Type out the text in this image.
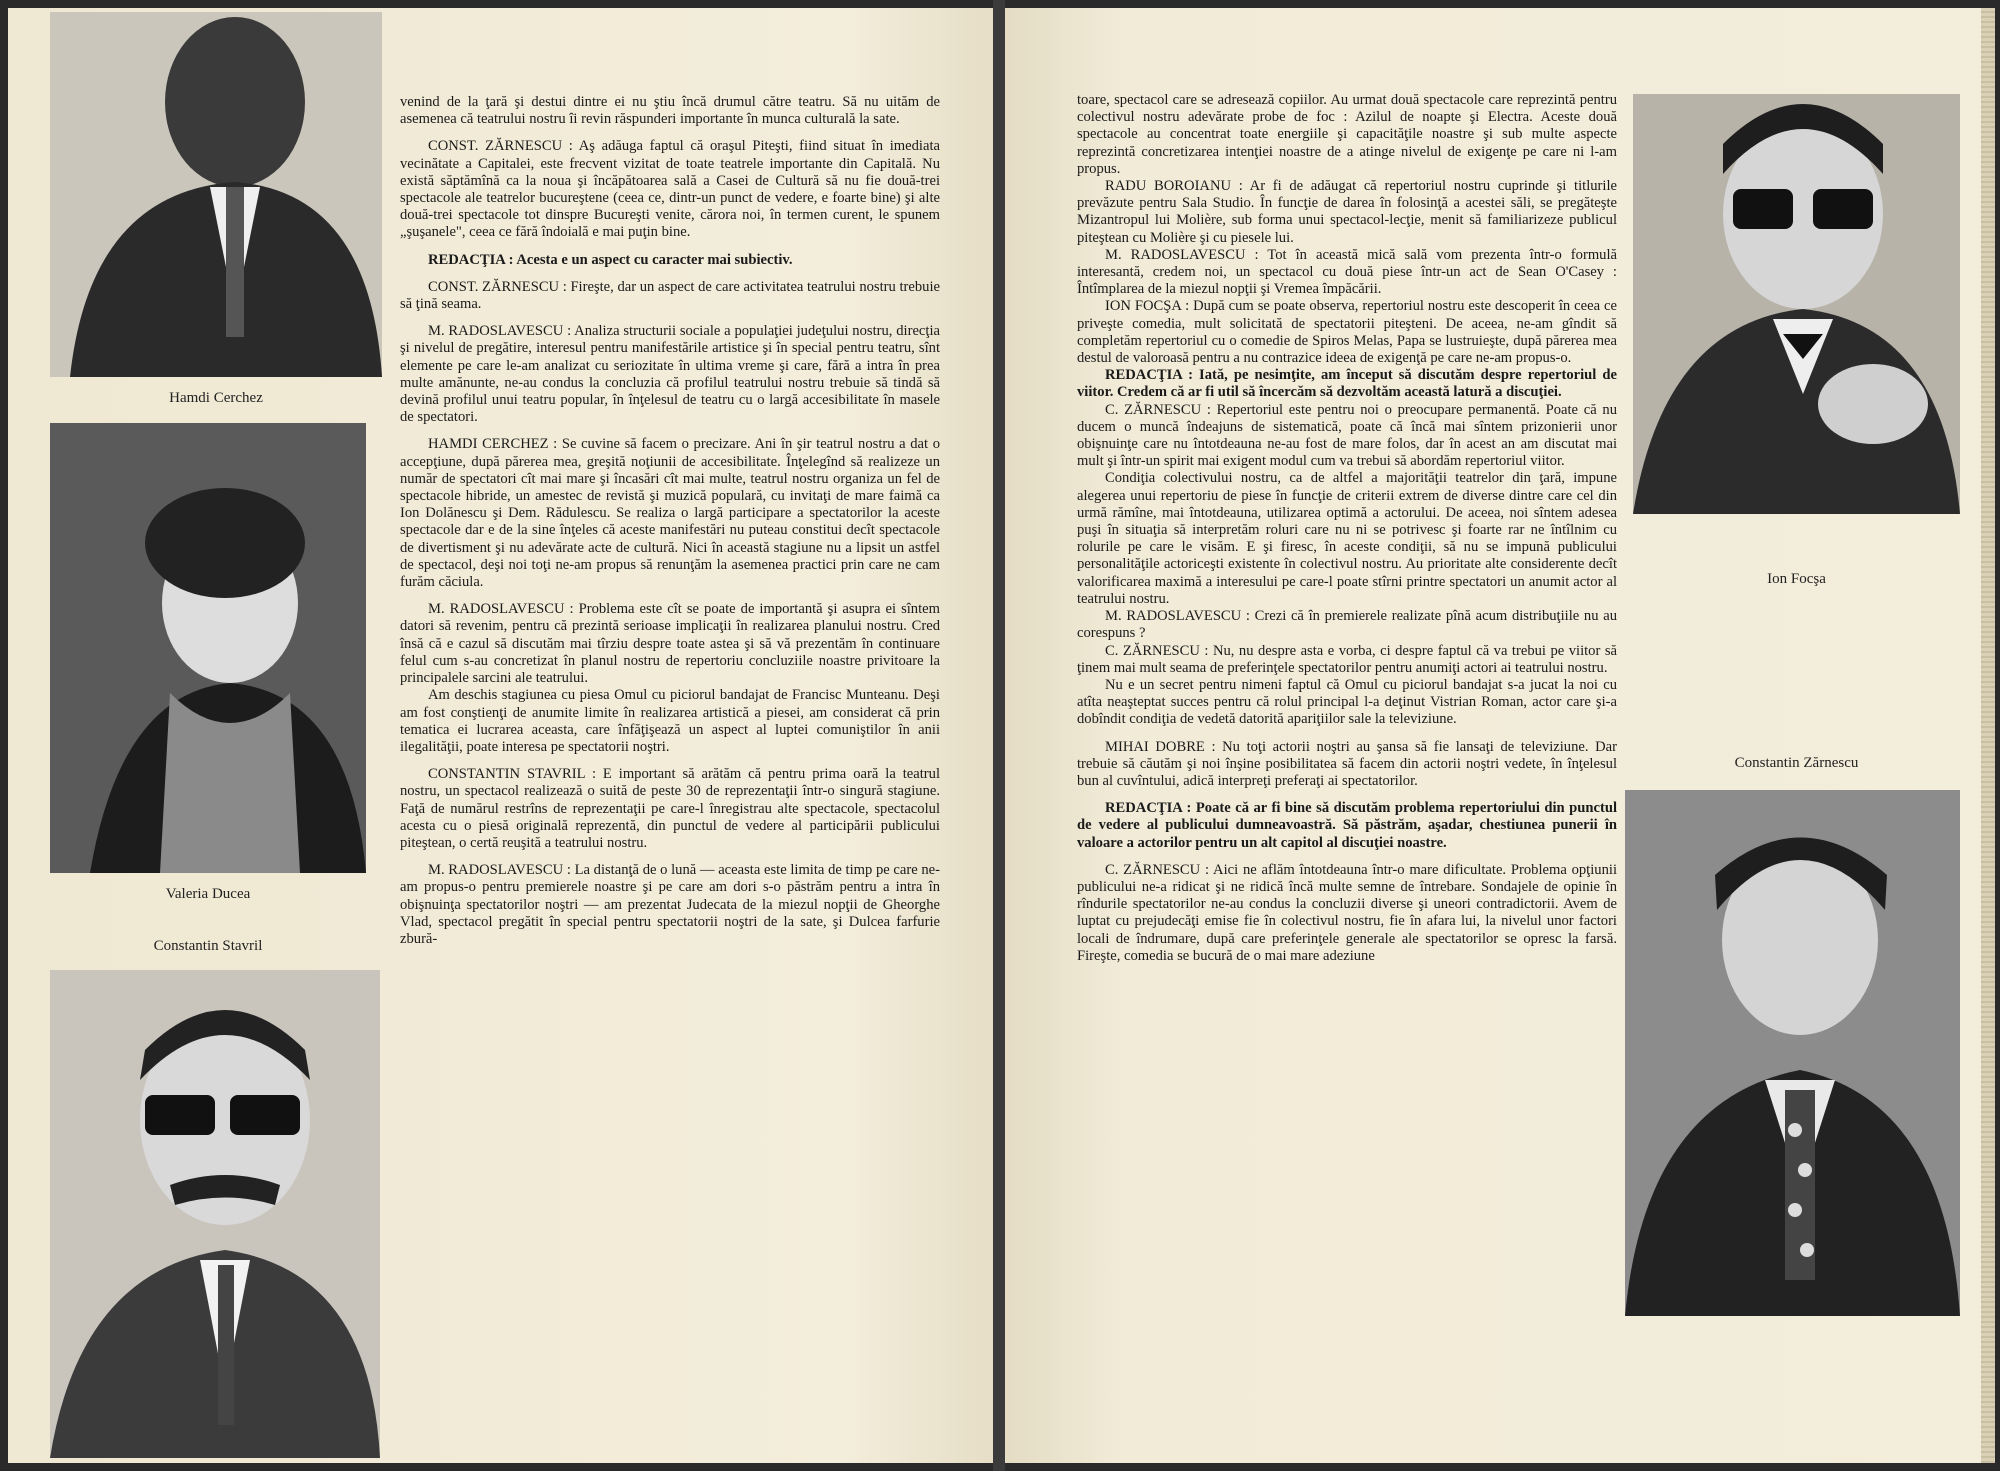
Hamdi Cerchez
Valeria Ducea
Constantin Stavril

venind de la ţară şi destui dintre ei nu ştiu încă drumul către teatru. Să nu uităm de asemenea că teatrului nostru îi revin răspunderi importante în munca culturală la sate.

CONST. ZĂRNESCU : Aş adăuga faptul că oraşul Piteşti, fiind situat în imediata vecinătate a Capitalei, este frecvent vizitat de toate teatrele importante din Capitală. Nu există săptămînă ca la noua şi încăpătoarea sală a Casei de Cultură să nu fie două-trei spectacole ale teatrelor bucureştene (ceea ce, dintr-un punct de vedere, e foarte bine) şi alte două-trei spectacole tot dinspre Bucureşti venite, cărora noi, în termen curent, le spunem „şuşanele", ceea ce fără îndoială e mai puţin bine.

REDACŢIA : Acesta e un aspect cu caracter mai subiectiv.

CONST. ZĂRNESCU : Fireşte, dar un aspect de care activitatea teatrului nostru trebuie să ţină seama.

M. RADOSLAVESCU : Analiza structurii sociale a populaţiei judeţului nostru, direcţia şi nivelul de pregătire, interesul pentru manifestările artistice şi în special pentru teatru, sînt elemente pe care le-am analizat cu seriozitate în ultima vreme şi care, fără a intra în prea multe amănunte, ne-au condus la concluzia că profilul teatrului nostru trebuie să tindă să devină profilul unui teatru popular, în înţelesul de teatru cu o largă accesibilitate în masele de spectatori.

HAMDI CERCHEZ : Se cuvine să facem o precizare. Ani în şir teatrul nostru a dat o accepţiune, după părerea mea, greşită noţiunii de accesibilitate. Înţelegînd să realizeze un număr de spectatori cît mai mare şi încasări cît mai multe, teatrul nostru organiza un fel de spectacole hibride, un amestec de revistă şi muzică populară, cu invitaţi de mare faimă ca Ion Dolănescu şi Dem. Rădulescu. Se realiza o largă participare a spectatorilor la aceste spectacole dar e de la sine înţeles că aceste manifestări nu puteau constitui decît spectacole de divertisment şi nu adevărate acte de cultură. Nici în această stagiune nu a lipsit un astfel de spectacol, deşi noi toţi ne-am propus să renunţăm la asemenea practici prin care ne cam furăm căciula.

M. RADOSLAVESCU : Problema este cît se poate de importantă şi asupra ei sîntem datori să revenim, pentru că prezintă serioase implicaţii în realizarea planului nostru. Cred însă că e cazul să discutăm mai tîrziu despre toate astea şi să vă prezentăm în continuare felul cum s-au concretizat în planul nostru de repertoriu concluziile noastre privitoare la principalele sarcini ale teatrului.

Am deschis stagiunea cu piesa Omul cu piciorul bandajat de Francisc Munteanu. Deşi am fost conştienţi de anumite limite în realizarea artistică a piesei, am considerat că prin tematica ei lucrarea aceasta, care înfăţişează un aspect al luptei comuniştilor în anii ilegalităţii, poate interesa pe spectatorii noştri.

CONSTANTIN STAVRIL : E important să arătăm că pentru prima oară la teatrul nostru, un spectacol realizează o suită de peste 30 de reprezentaţii într-o singură stagiune. Faţă de numărul restrîns de reprezentaţii pe care-l înregistrau alte spectacole, spectacolul acesta cu o piesă originală reprezentă, din punctul de vedere al participării publicului piteştean, o certă reuşită a teatrului nostru.

M. RADOSLAVESCU : La distanţă de o lună — aceasta este limita de timp pe care ne-am propus-o pentru premierele noastre şi pe care am dori s-o păstrăm pentru a intra în obişnuinţa spectatorilor noştri — am prezentat Judecata de la miezul nopţii de Gheorghe Vlad, spectacol pregătit în special pentru spectatorii noştri de la sate, şi Dulcea farfurie zbură-

toare, spectacol care se adresează copiilor. Au urmat două spectacole care reprezintă pentru colectivul nostru adevărate probe de foc : Azilul de noapte şi Electra. Aceste două spectacole au concentrat toate energiile şi capacităţile noastre şi sub multe aspecte reprezintă concretizarea intenţiei noastre de a atinge nivelul de exigenţe pe care ni l-am propus.

RADU BOROIANU : Ar fi de adăugat că repertoriul nostru cuprinde şi titlurile prevăzute pentru Sala Studio. În funcţie de darea în folosinţă a acestei săli, se pregăteşte Mizantropul lui Molière, sub forma unui spectacol-lecţie, menit să familiarizeze publicul piteştean cu Molière şi cu piesele lui.

M. RADOSLAVESCU : Tot în această mică sală vom prezenta într-o formulă interesantă, credem noi, un spectacol cu două piese într-un act de Sean O'Casey : Întîmplarea de la miezul nopţii şi Vremea împăcării.

ION FOCŞA : După cum se poate observa, repertoriul nostru este descoperit în ceea ce priveşte comedia, mult solicitată de spectatorii piteşteni. De aceea, ne-am gîndit să completăm repertoriul cu o comedie de Spiros Melas, Papa se lustruieşte, după părerea mea destul de valoroasă pentru a nu contrazice ideea de exigenţă pe care ne-am propus-o.

REDACŢIA : Iată, pe nesimţite, am început să discutăm despre repertoriul de viitor. Credem că ar fi util să încercăm să dezvoltăm această latură a discuţiei.

C. ZĂRNESCU : Repertoriul este pentru noi o preocupare permanentă. Poate că nu ducem o muncă îndeajuns de sistematică, poate că încă mai sîntem prizonierii unor obişnuinţe care nu întotdeauna ne-au fost de mare folos, dar în acest an am discutat mai mult şi într-un spirit mai exigent modul cum va trebui să abordăm repertoriul viitor.

Condiţia colectivului nostru, ca de altfel a majorităţii teatrelor din ţară, impune alegerea unui repertoriu de piese în funcţie de criterii extrem de diverse dintre care cel din urmă rămîne, mai întotdeauna, utilizarea optimă a actorului. De aceea, noi sîntem adesea puşi în situaţia să interpretăm roluri care nu ni se potrivesc şi foarte rar ne întîlnim cu rolurile pe care le visăm. E şi firesc, în aceste condiţii, să nu se impună publicului personalităţile actoriceşti existente în colectivul nostru. Au prioritate alte considerente decît valorificarea maximă a interesului pe care-l poate stîrni printre spectatori un anumit actor al teatrului nostru.

M. RADOSLAVESCU : Crezi că în premierele realizate pînă acum distribuţiile nu au corespuns ?

C. ZĂRNESCU : Nu, nu despre asta e vorba, ci despre faptul că va trebui pe viitor să ţinem mai mult seama de preferinţele spectatorilor pentru anumiţi actori ai teatrului nostru.

Nu e un secret pentru nimeni faptul că Omul cu piciorul bandajat s-a jucat la noi cu atîta neaşteptat succes pentru că rolul principal l-a deţinut Vistrian Roman, actor care şi-a dobîndit condiţia de vedetă datorită apariţiilor sale la televiziune.

MIHAI DOBRE : Nu toţi actorii noştri au şansa să fie lansaţi de televiziune. Dar trebuie să căutăm şi noi înşine posibilitatea să facem din actorii noştri vedete, în înţelesul bun al cuvîntului, adică interpreţi preferaţi ai spectatorilor.

REDACŢIA : Poate că ar fi bine să discutăm problema repertoriului din punctul de vedere al publicului dumneavoastră. Să păstrăm, aşadar, chestiunea punerii în valoare a actorilor pentru un alt capitol al discuţiei noastre.

C. ZĂRNESCU : Aici ne aflăm întotdeauna într-o mare dificultate. Problema opţiunii publicului ne-a ridicat şi ne ridică încă multe semne de întrebare. Sondajele de opinie în rîndurile spectatorilor ne-au condus la concluzii diverse şi uneori contradictorii. Avem de luptat cu prejudecăţi emise fie în colectivul nostru, fie în afara lui, la nivelul unor factori locali de îndrumare, după care preferinţele generale ale spectatorilor se opresc la farsă. Fireşte, comedia se bucură de o mai mare adeziune

Ion Focşa
Constantin Zărnescu
